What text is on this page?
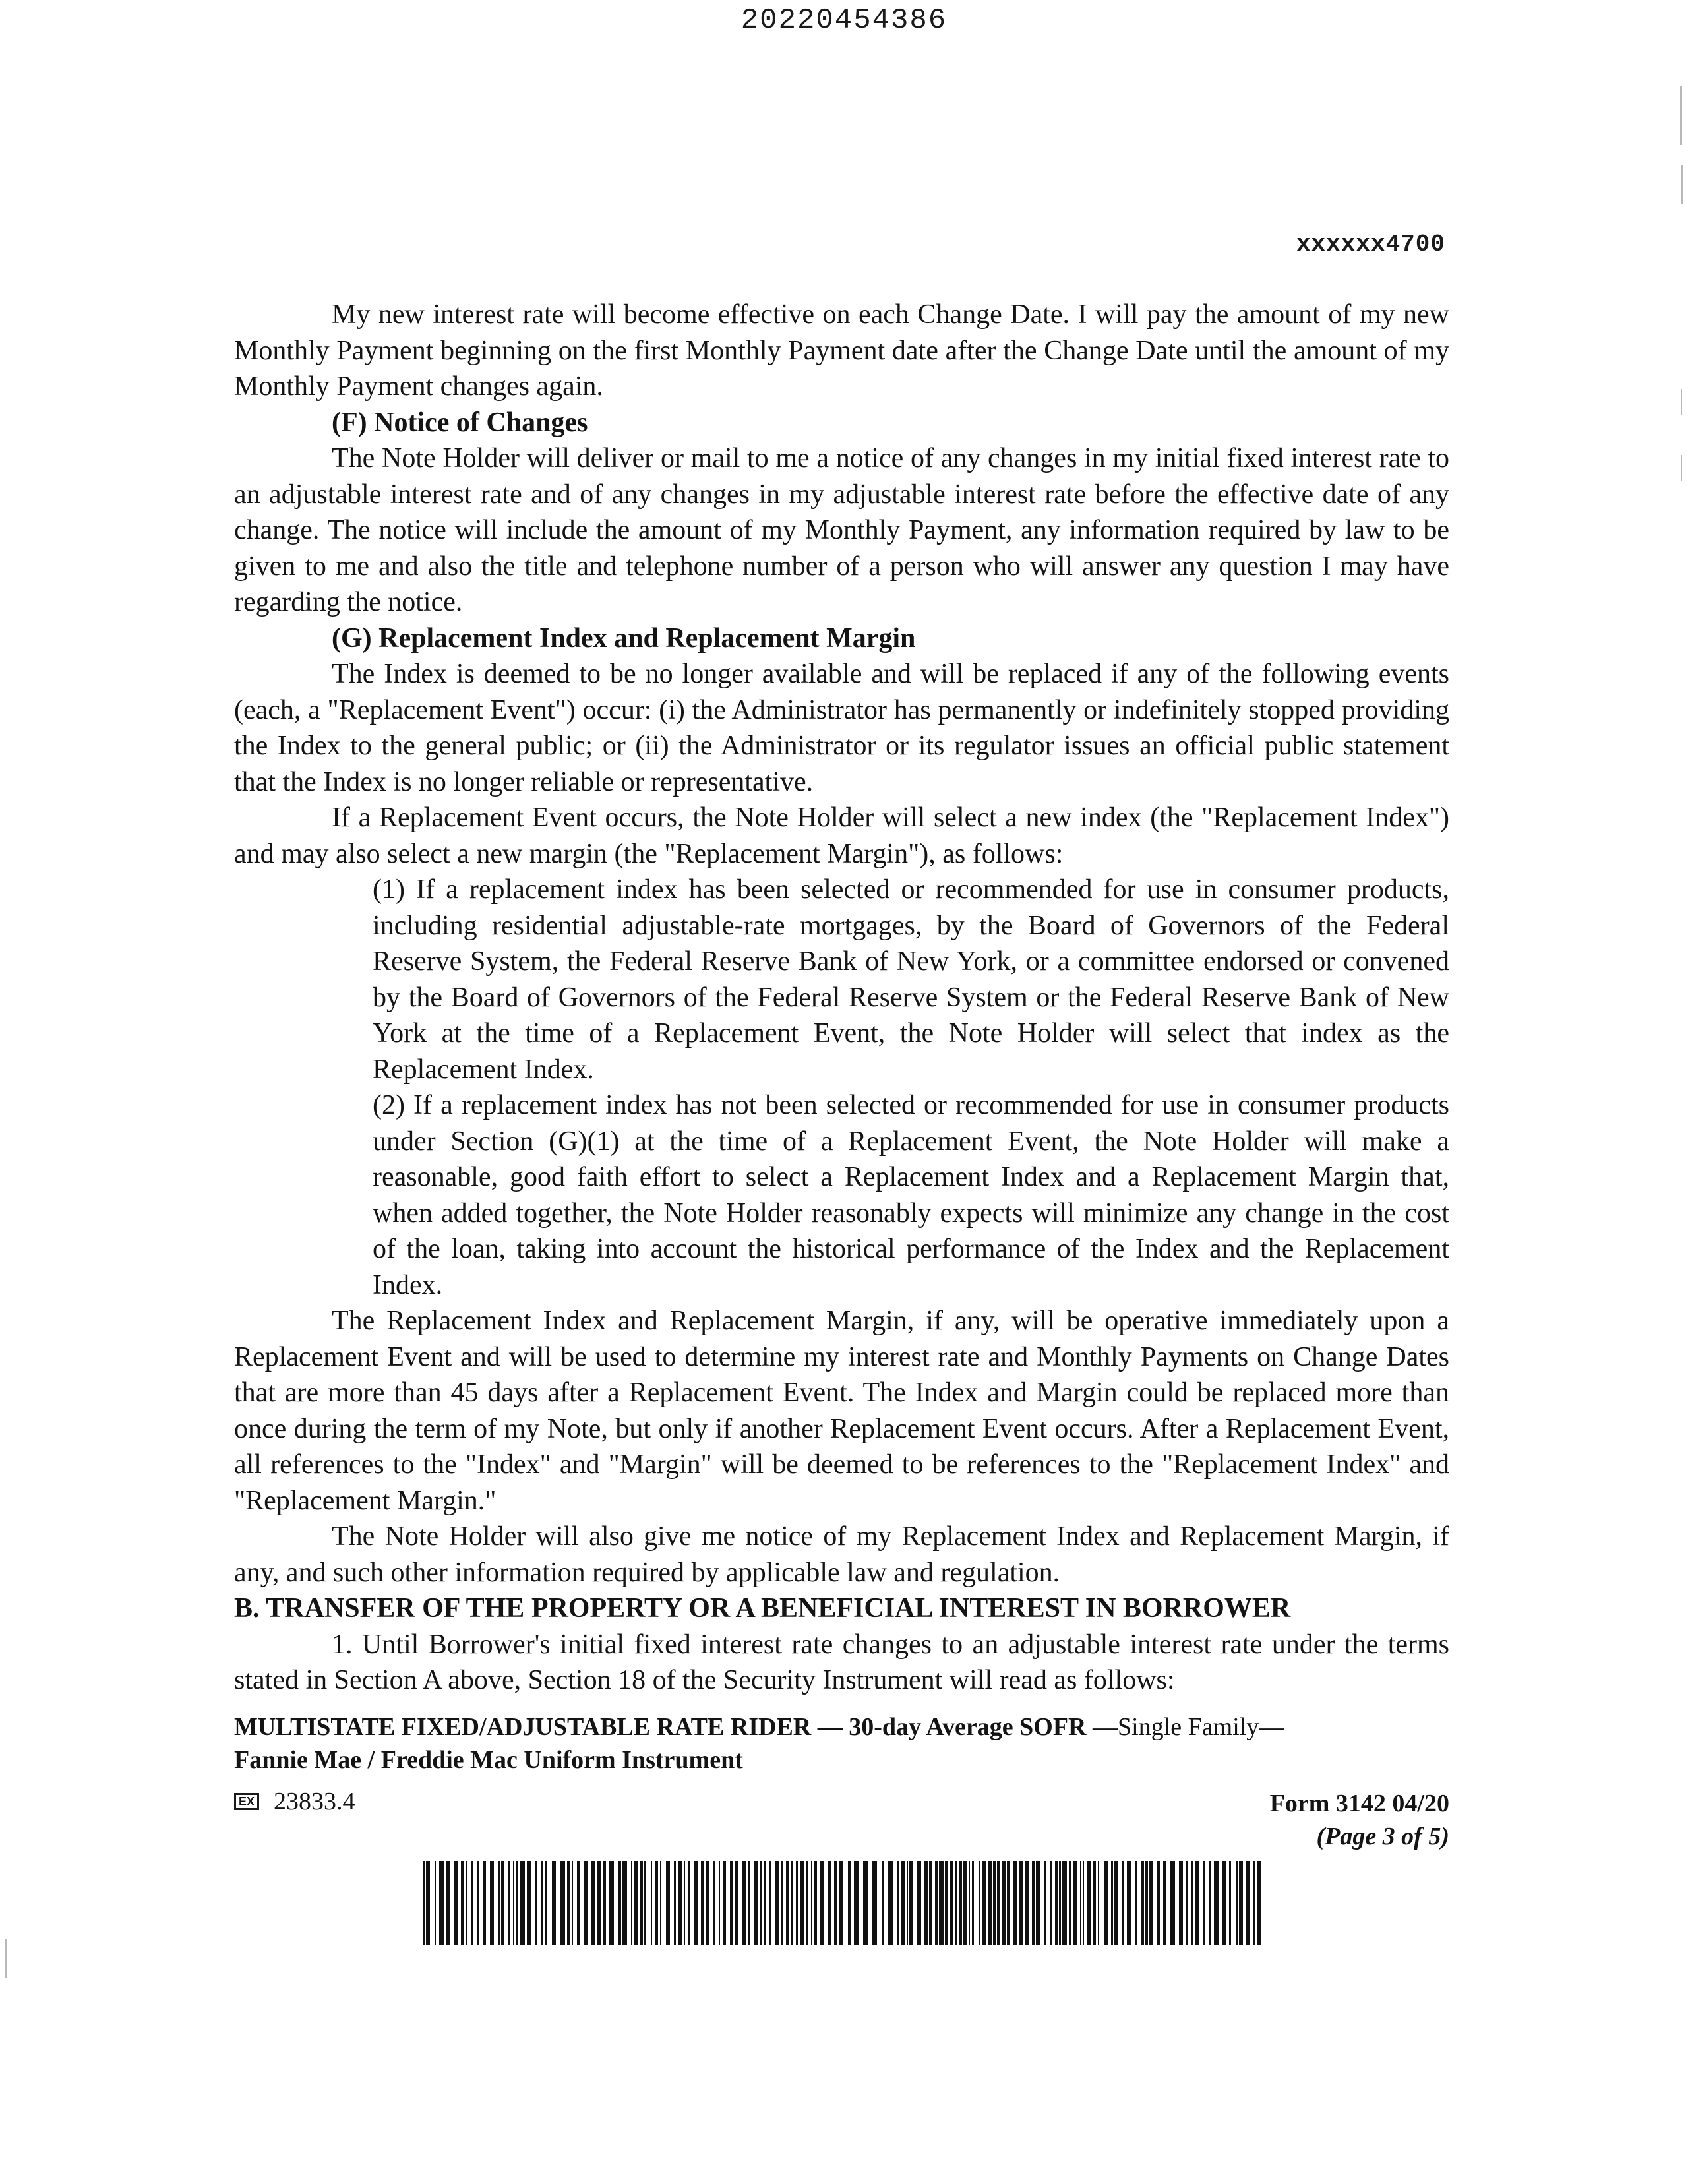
20220454386
xxxxxx4700

My new interest rate will become effective on each Change Date. I will pay the amount of my new Monthly Payment beginning on the first Monthly Payment date after the Change Date until the amount of my Monthly Payment changes again.

(F) Notice of Changes

The Note Holder will deliver or mail to me a notice of any changes in my initial fixed interest rate to an adjustable interest rate and of any changes in my adjustable interest rate before the effective date of any change. The notice will include the amount of my Monthly Payment, any information required by law to be given to me and also the title and telephone number of a person who will answer any question I may have regarding the notice.

(G) Replacement Index and Replacement Margin

The Index is deemed to be no longer available and will be replaced if any of the following events (each, a "Replacement Event") occur: (i) the Administrator has permanently or indefinitely stopped providing the Index to the general public; or (ii) the Administrator or its regulator issues an official public statement that the Index is no longer reliable or representative.

If a Replacement Event occurs, the Note Holder will select a new index (the "Replacement Index") and may also select a new margin (the "Replacement Margin"), as follows:

(1) If a replacement index has been selected or recommended for use in consumer products, including residential adjustable-rate mortgages, by the Board of Governors of the Federal Reserve System, the Federal Reserve Bank of New York, or a committee endorsed or convened by the Board of Governors of the Federal Reserve System or the Federal Reserve Bank of New York at the time of a Replacement Event, the Note Holder will select that index as the Replacement Index.

(2) If a replacement index has not been selected or recommended for use in consumer products under Section (G)(1) at the time of a Replacement Event, the Note Holder will make a reasonable, good faith effort to select a Replacement Index and a Replacement Margin that, when added together, the Note Holder reasonably expects will minimize any change in the cost of the loan, taking into account the historical performance of the Index and the Replacement Index.

The Replacement Index and Replacement Margin, if any, will be operative immediately upon a Replacement Event and will be used to determine my interest rate and Monthly Payments on Change Dates that are more than 45 days after a Replacement Event. The Index and Margin could be replaced more than once during the term of my Note, but only if another Replacement Event occurs. After a Replacement Event, all references to the "Index" and "Margin" will be deemed to be references to the "Replacement Index" and "Replacement Margin."

The Note Holder will also give me notice of my Replacement Index and Replacement Margin, if any, and such other information required by applicable law and regulation.

B. TRANSFER OF THE PROPERTY OR A BENEFICIAL INTEREST IN BORROWER

1. Until Borrower's initial fixed interest rate changes to an adjustable interest rate under the terms stated in Section A above, Section 18 of the Security Instrument will read as follows:

MULTISTATE FIXED/ADJUSTABLE RATE RIDER — 30-day Average SOFR —Single Family—
Fannie Mae / Freddie Mac Uniform Instrument
EX 23833.4	Form 3142 04/20
(Page 3 of 5)
